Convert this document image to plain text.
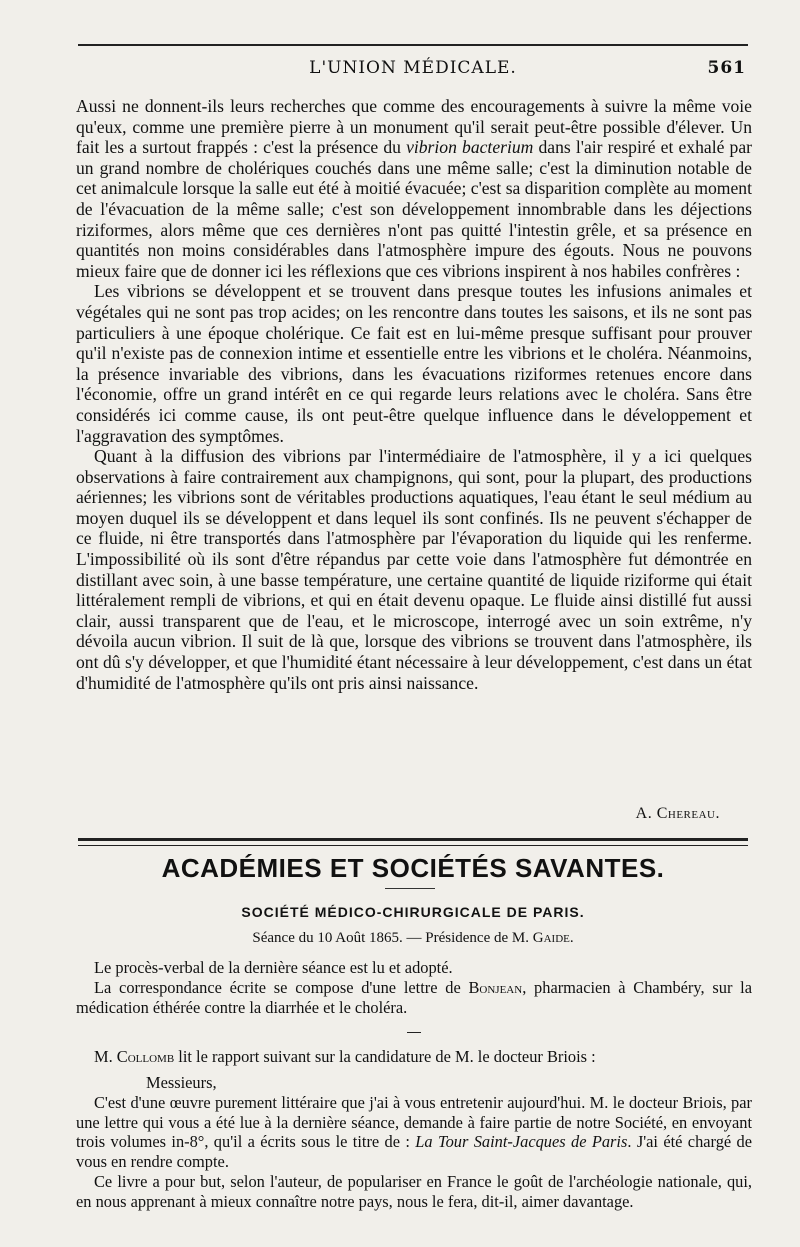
L'UNION MÉDICALE.	561

Aussi ne donnent-ils leurs recherches que comme des encouragements à suivre la même voie qu'eux, comme une première pierre à un monument qu'il serait peut-être possible d'élever. Un fait les a surtout frappés : c'est la présence du vibrion bacterium dans l'air respiré et exhalé par un grand nombre de cholériques couchés dans une même salle; c'est la diminution notable de cet animalcule lorsque la salle eut été à moitié évacuée; c'est sa disparition complète au moment de l'évacuation de la même salle; c'est son développement innombrable dans les déjections riziformes, alors même que ces dernières n'ont pas quitté l'intestin grêle, et sa présence en quantités non moins considérables dans l'atmosphère impure des égouts. Nous ne pouvons mieux faire que de donner ici les réflexions que ces vibrions inspirent à nos habiles confrères :

Les vibrions se développent et se trouvent dans presque toutes les infusions animales et végétales qui ne sont pas trop acides; on les rencontre dans toutes les saisons, et ils ne sont pas particuliers à une époque cholérique. Ce fait est en lui-même presque suffisant pour prouver qu'il n'existe pas de connexion intime et essentielle entre les vibrions et le choléra. Néanmoins, la présence invariable des vibrions, dans les évacuations riziformes retenues encore dans l'économie, offre un grand intérêt en ce qui regarde leurs relations avec le choléra. Sans être considérés ici comme cause, ils ont peut-être quelque influence dans le développement et l'aggravation des symptômes.

Quant à la diffusion des vibrions par l'intermédiaire de l'atmosphère, il y a ici quelques observations à faire contrairement aux champignons, qui sont, pour la plupart, des productions aériennes; les vibrions sont de véritables productions aquatiques, l'eau étant le seul médium au moyen duquel ils se développent et dans lequel ils sont confinés. Ils ne peuvent s'échapper de ce fluide, ni être transportés dans l'atmosphère par l'évaporation du liquide qui les renferme. L'impossibilité où ils sont d'être répandus par cette voie dans l'atmosphère fut démontrée en distillant avec soin, à une basse température, une certaine quantité de liquide riziforme qui était littéralement rempli de vibrions, et qui en était devenu opaque. Le fluide ainsi distillé fut aussi clair, aussi transparent que de l'eau, et le microscope, interrogé avec un soin extrême, n'y dévoila aucun vibrion. Il suit de là que, lorsque des vibrions se trouvent dans l'atmosphère, ils ont dû s'y développer, et que l'humidité étant nécessaire à leur développement, c'est dans un état d'humidité de l'atmosphère qu'ils ont pris ainsi naissance.

A. Chereau.
ACADÉMIES ET SOCIÉTÉS SAVANTES.
SOCIÉTÉ MÉDICO-CHIRURGICALE DE PARIS.
Séance du 10 Août 1865. — Présidence de M. Gaide.

Le procès-verbal de la dernière séance est lu et adopté.

La correspondance écrite se compose d'une lettre de Bonjean, pharmacien à Chambéry, sur la médication éthérée contre la diarrhée et le choléra.

M. Collomb lit le rapport suivant sur la candidature de M. le docteur Briois :

Messieurs,

C'est d'une œuvre purement littéraire que j'ai à vous entretenir aujourd'hui. M. le docteur Briois, par une lettre qui vous a été lue à la dernière séance, demande à faire partie de notre Société, en envoyant trois volumes in-8°, qu'il a écrits sous le titre de : La Tour Saint-Jacques de Paris. J'ai été chargé de vous en rendre compte.

Ce livre a pour but, selon l'auteur, de populariser en France le goût de l'archéologie nationale, qui, en nous apprenant à mieux connaître notre pays, nous le fera, dit-il, aimer davantage.
